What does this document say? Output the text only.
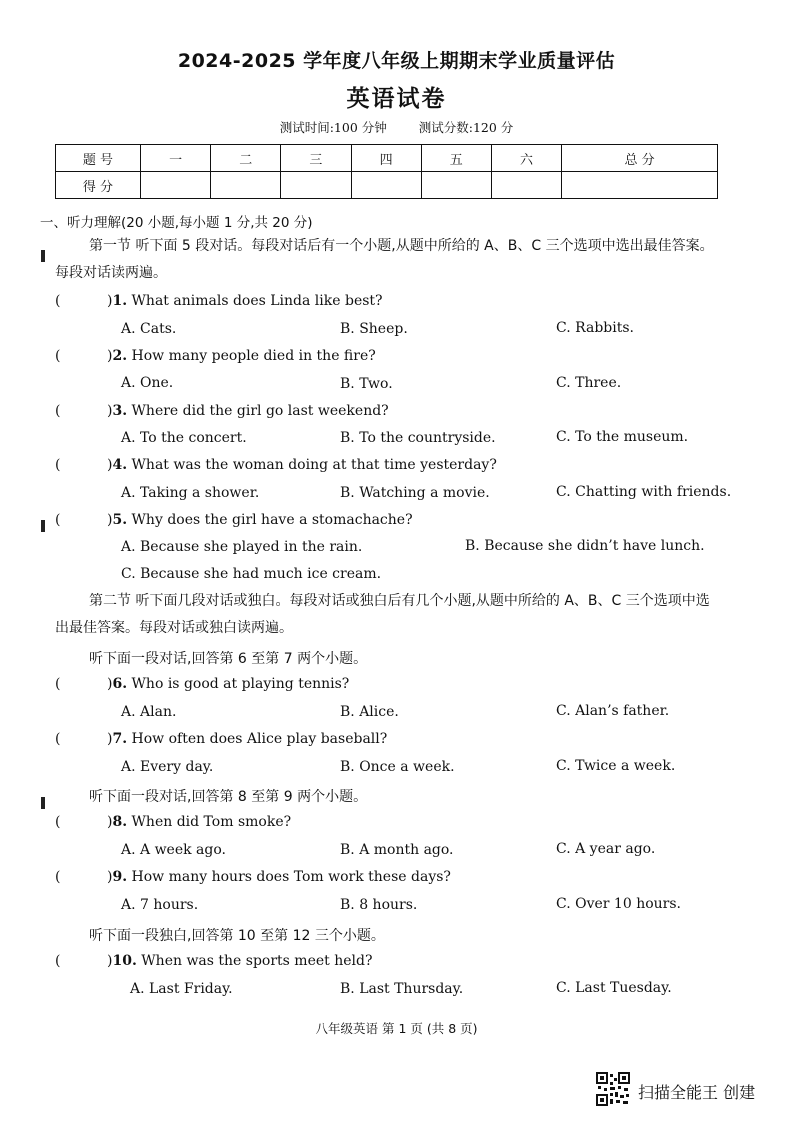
2024-2025 学年度八年级上期期末学业质量评估
英语试卷
测试时间:100 分钟	测试分数:120 分
题 号	一	二	三	四	五	六	总 分
得 分							
一、听力理解(20 小题,每小题 1 分,共 20 分)
第一节 听下面 5 段对话。每段对话后有一个小题,从题中所给的 A、B、C 三个选项中选出最佳答案。每段对话读两遍。
(	)1. What animals does Linda like best?
A. Cats.	B. Sheep.	C. Rabbits.
(	)2. How many people died in the fire?
A. One.	B. Two.	C. Three.
(	)3. Where did the girl go last weekend?
A. To the concert.	B. To the countryside.	C. To the museum.
(	)4. What was the woman doing at that time yesterday?
A. Taking a shower.	B. Watching a movie.	C. Chatting with friends.
(	)5. Why does the girl have a stomachache?
A. Because she played in the rain.	B. Because she didn’t have lunch.
C. Because she had much ice cream.
第二节 听下面几段对话或独白。每段对话或独白后有几个小题,从题中所给的 A、B、C 三个选项中选出最佳答案。每段对话或独白读两遍。
听下面一段对话,回答第 6 至第 7 两个小题。
(	)6. Who is good at playing tennis?
A. Alan.	B. Alice.	C. Alan’s father.
(	)7. How often does Alice play baseball?
A. Every day.	B. Once a week.	C. Twice a week.
听下面一段对话,回答第 8 至第 9 两个小题。
(	)8. When did Tom smoke?
A. A week ago.	B. A month ago.	C. A year ago.
(	)9. How many hours does Tom work these days?
A. 7 hours.	B. 8 hours.	C. Over 10 hours.
听下面一段独白,回答第 10 至第 12 三个小题。
(	)10. When was the sports meet held?
A. Last Friday.	B. Last Thursday.	C. Last Tuesday.
八年级英语 第 1 页 (共 8 页)
扫描全能王 创建
